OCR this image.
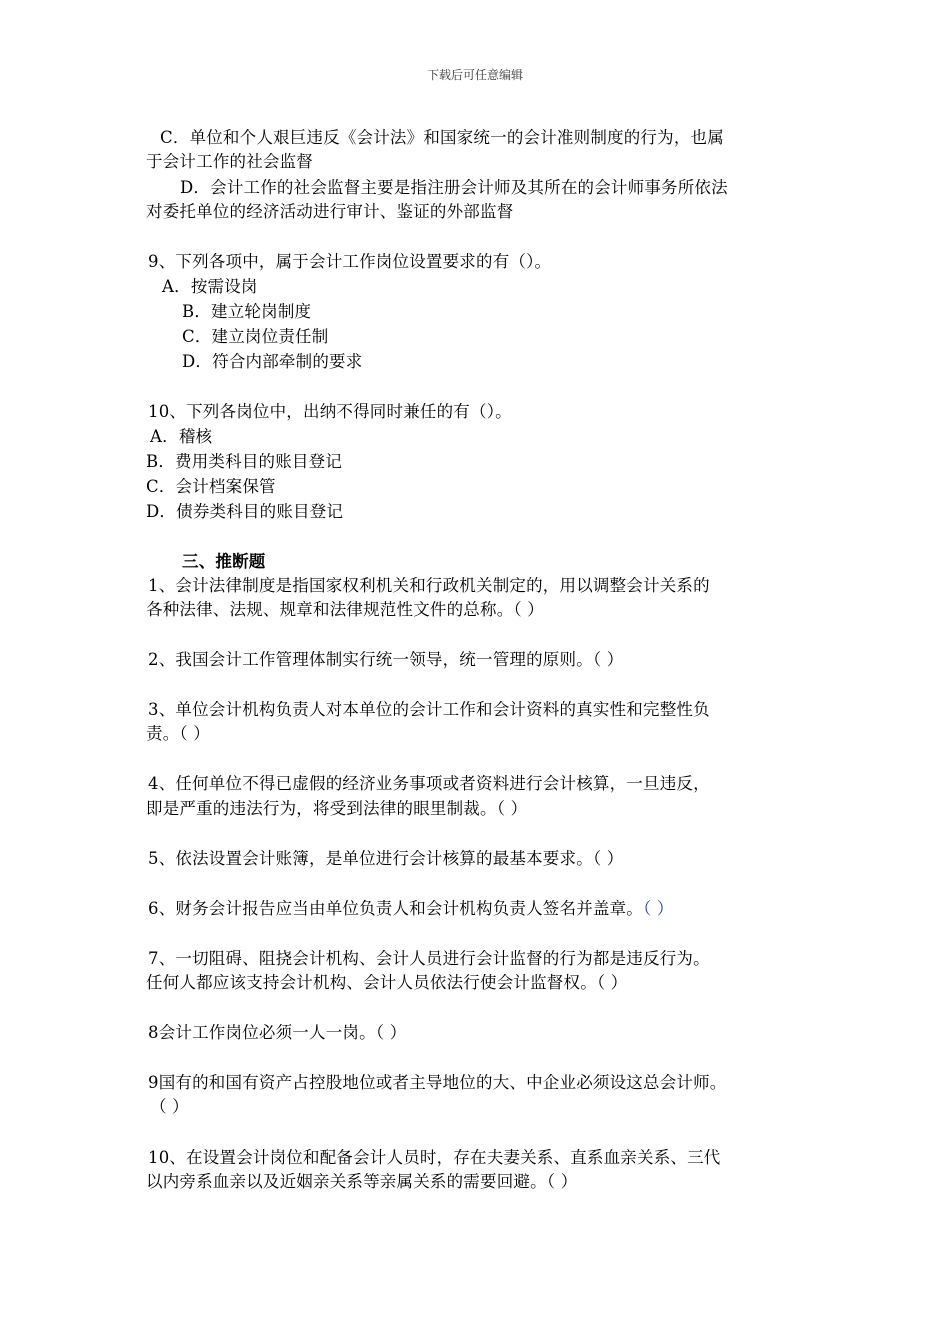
下载后可任意编辑
C．单位和个人艰巨违反《会计法》和国家统一的会计准则制度的行为，也属
于会计工作的社会监督
D．会计工作的社会监督主要是指注册会计师及其所在的会计师事务所依法
对委托单位的经济活动进行审计、鉴证的外部监督
9、下列各项中，属于会计工作岗位设置要求的有（）。
A．按需设岗
B．建立轮岗制度
C．建立岗位责任制
D．符合内部牵制的要求
10、下列各岗位中，出纳不得同时兼任的有（）。
A．稽核
B．费用类科目的账目登记
C．会计档案保管
D．债券类科目的账目登记
三、推断题
1、会计法律制度是指国家权利机关和行政机关制定的，用以调整会计关系的
各种法律、法规、规章和法律规范性文件的总称。（ ）
2、我国会计工作管理体制实行统一领导，统一管理的原则。（ ）
3、单位会计机构负责人对本单位的会计工作和会计资料的真实性和完整性负
责。（ ）
4、任何单位不得已虚假的经济业务事项或者资料进行会计核算，一旦违反，
即是严重的违法行为，将受到法律的眼里制裁。（ ）
5、依法设置会计账簿，是单位进行会计核算的最基本要求。（ ）
6、财务会计报告应当由单位负责人和会计机构负责人签名并盖章。（ ）
7、一切阻碍、阻挠会计机构、会计人员进行会计监督的行为都是违反行为。
任何人都应该支持会计机构、会计人员依法行使会计监督权。（ ）
8会计工作岗位必须一人一岗。（ ）
9国有的和国有资产占控股地位或者主导地位的大、中企业必须设这总会计师。
（ ）
10、在设置会计岗位和配备会计人员时，存在夫妻关系、直系血亲关系、三代
以内旁系血亲以及近姻亲关系等亲属关系的需要回避。（ ）
